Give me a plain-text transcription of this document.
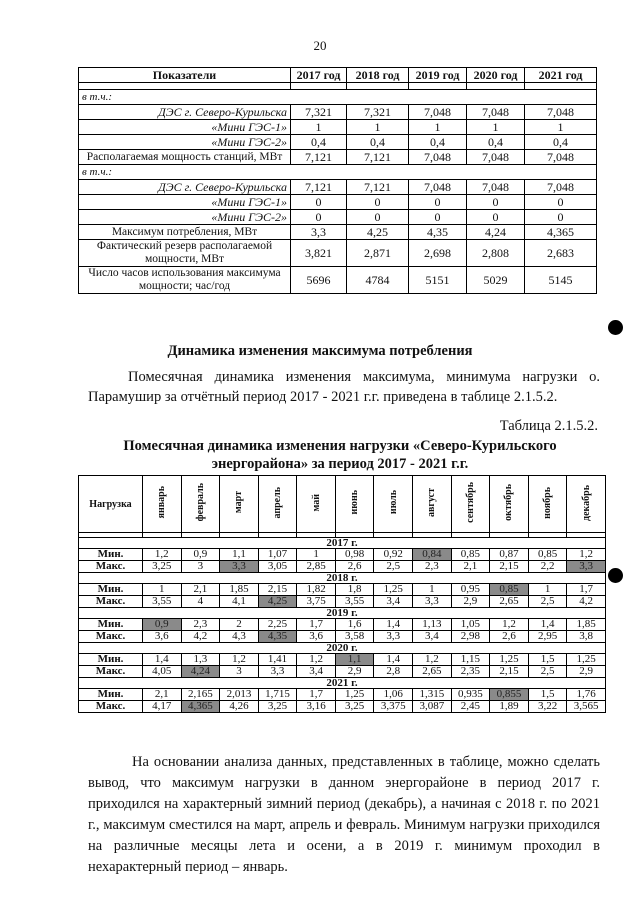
20
Показатели	2017 год	2018 год	2019 год	2020 год	2021 год

в т.ч.:					
ДЭС г. Северо-Курильска	7,321	7,321	7,048	7,048	7,048
«Мини ГЭС-1»	1	1	1	1	1
«Мини ГЭС-2»	0,4	0,4	0,4	0,4	0,4
Располагаемая мощность станций, МВт	7,121	7,121	7,048	7,048	7,048
в т.ч.:					
ДЭС г. Северо-Курильска	7,121	7,121	7,048	7,048	7,048
«Мини ГЭС-1»	0	0	0	0	0
«Мини ГЭС-2»	0	0	0	0	0
Максимум потребления, МВт	3,3	4,25	4,35	4,24	4,365
Фактический резерв располагаемой мощности, МВт	3,821	2,871	2,698	2,808	2,683
Число часов использования максимума мощности; час/год	5696	4784	5151	5029	5145
Динамика изменения максимума потребления
Помесячная динамика изменения максимума, минимума нагрузки о. Парамушир за отчётный период 2017 - 2021 г.г. приведена в таблице 2.1.5.2.
Таблица 2.1.5.2.
Помесячная динамика изменения нагрузки «Северо-Курильского энергорайона» за период 2017 - 2021 г.г.
Нагрузка	январь	февраль	март	апрель	май	июнь	июль	август	сентябрь	октябрь	ноябрь	декабрь

2017 г.												
Мин.	1,2	0,9	1,1	1,07	1	0,98	0,92	0,84	0,85	0,87	0,85	1,2
Макс.	3,25	3	3,3	3,05	2,85	2,6	2,5	2,3	2,1	2,15	2,2	3,3
2018 г.												
Мин.	1	2,1	1,85	2,15	1,82	1,8	1,25	1	0,95	0,85	1	1,7
Макс.	3,55	4	4,1	4,25	3,75	3,55	3,4	3,3	2,9	2,65	2,5	4,2
2019 г.												
Мин.	0,9	2,3	2	2,25	1,7	1,6	1,4	1,13	1,05	1,2	1,4	1,85
Макс.	3,6	4,2	4,3	4,35	3,6	3,58	3,3	3,4	2,98	2,6	2,95	3,8
2020 г.												
Мин.	1,4	1,3	1,2	1,41	1,2	1,1	1,4	1,2	1,15	1,25	1,5	1,25
Макс.	4,05	4,24	3	3,3	3,4	2,9	2,8	2,65	2,35	2,15	2,5	2,9
2021 г.												
Мин.	2,1	2,165	2,013	1,715	1,7	1,25	1,06	1,315	0,935	0,855	1,5	1,76
Макс.	4,17	4,365	4,26	3,25	3,16	3,25	3,375	3,087	2,45	1,89	3,22	3,565
На основании анализа данных, представленных в таблице, можно сделать вывод, что максимум нагрузки в данном энергорайоне в период 2017 г. приходился на характерный зимний период (декабрь), а начиная с 2018 г. по 2021 г., максимум сместился на март, апрель и февраль. Минимум нагрузки приходился на различные месяцы лета и осени, а в 2019 г. минимум проходил в нехарактерный период – январь.
